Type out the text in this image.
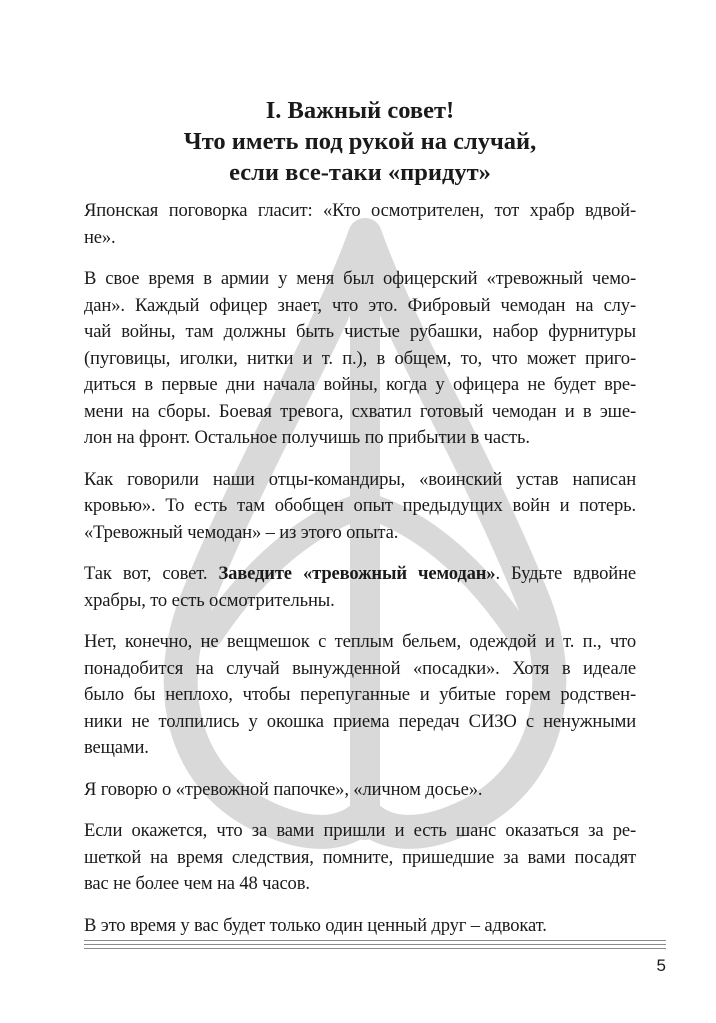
I. Важный совет!
Что иметь под рукой на случай,
если все-таки «придут»

Японская поговорка гласит: «Кто осмотрителен, тот храбр вдвой-
не».

В свое время в армии у меня был офицерский «тревожный чемо-
дан». Каждый офицер знает, что это. Фибровый чемодан на слу-
чай войны, там должны быть чистые рубашки, набор фурнитуры
(пуговицы, иголки, нитки и т. п.), в общем, то, что может приго-
диться в первые дни начала войны, когда у офицера не будет вре-
мени на сборы. Боевая тревога, схватил готовый чемодан и в эше-
лон на фронт. Остальное получишь по прибытии в часть.

Как говорили наши отцы-командиры, «воинский устав написан
кровью». То есть там обобщен опыт предыдущих войн и потерь.
«Тревожный чемодан» – из этого опыта.

Так вот, совет. Заведите «тревожный чемодан». Будьте вдвойне
храбры, то есть осмотрительны.

Нет, конечно, не вещмешок с теплым бельем, одеждой и т. п., что
понадобится на случай вынужденной «посадки». Хотя в идеале
было бы неплохо, чтобы перепуганные и убитые горем родствен-
ники не толпились у окошка приема передач СИЗО с ненужными
вещами.

Я говорю о «тревожной папочке», «личном досье».

Если окажется, что за вами пришли и есть шанс оказаться за ре-
шеткой на время следствия, помните, пришедшие за вами посадят
вас не более чем на 48 часов.

В это время у вас будет только один ценный друг – адвокат.

5
